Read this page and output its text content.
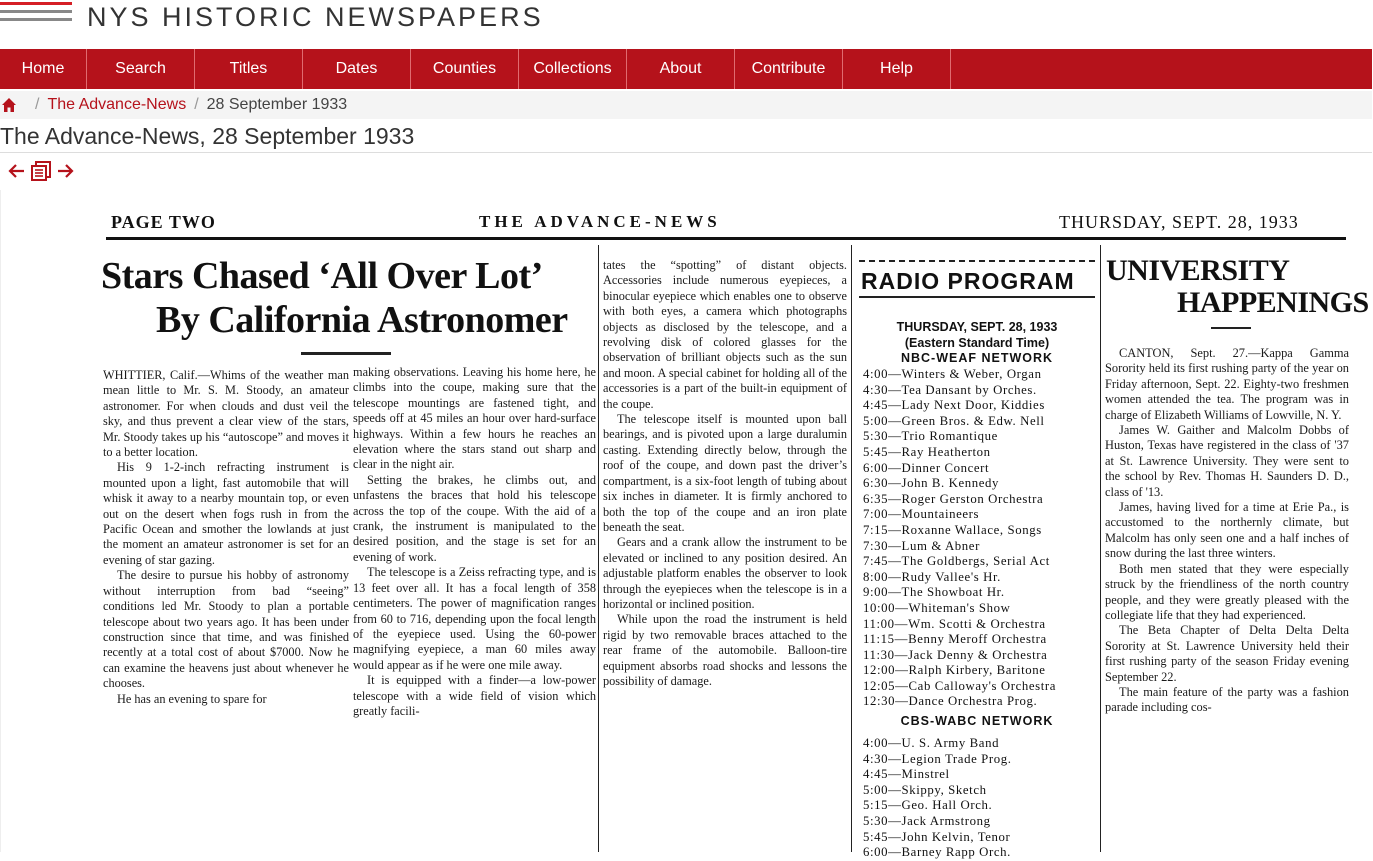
NYS HISTORIC NEWSPAPERS
Home	Search	Titles	Dates	Counties	Collections	About	Contribute	Help
/ The Advance-News / 28 September 1933
The Advance-News, 28 September 1933
PAGE TWO	THE ADVANCE-NEWS	THURSDAY, SEPT. 28, 1933
Stars Chased ‘All Over Lot’
By California Astronomer

WHITTIER, Calif.—Whims of the weather man mean little to Mr. S. M. Stoody, an amateur astronomer. For when clouds and dust veil the sky, and thus prevent a clear view of the stars, Mr. Stoody takes up his “autoscope” and moves it to a better location.

His 9 1-2-inch refracting instrument is mounted upon a light, fast automobile that will whisk it away to a nearby mountain top, or even out on the desert when fogs rush in from the Pacific Ocean and smother the lowlands at just the moment an amateur astronomer is set for an evening of star gazing.

The desire to pursue his hobby of astronomy without interruption from bad “seeing” conditions led Mr. Stoody to plan a portable telescope about two years ago. It has been under construction since that time, and was finished recently at a total cost of about $7000. Now he can examine the heavens just about whenever he chooses.

He has an evening to spare for

making observations. Leaving his home here, he climbs into the coupe, making sure that the telescope mountings are fastened tight, and speeds off at 45 miles an hour over hard-surface highways. Within a few hours he reaches an elevation where the stars stand out sharp and clear in the night air.

Setting the brakes, he climbs out, and unfastens the braces that hold his telescope across the top of the coupe. With the aid of a crank, the instrument is manipulated to the desired position, and the stage is set for an evening of work.

The telescope is a Zeiss refracting type, and is 13 feet over all. It has a focal length of 358 centimeters. The power of magnification ranges from 60 to 716, depending upon the focal length of the eyepiece used. Using the 60-power magnifying eyepiece, a man 60 miles away would appear as if he were one mile away.

It is equipped with a finder—a low-power telescope with a wide field of vision which greatly facili-

tates the “spotting” of distant objects. Accessories include numerous eyepieces, a binocular eyepiece which enables one to observe with both eyes, a camera which photographs objects as disclosed by the telescope, and a revolving disk of colored glasses for the observation of brilliant objects such as the sun and moon. A special cabinet for holding all of the accessories is a part of the built-in equipment of the coupe.

The telescope itself is mounted upon ball bearings, and is pivoted upon a large duralumin casting. Extending directly below, through the roof of the coupe, and down past the driver’s compartment, is a six-foot length of tubing about six inches in diameter. It is firmly anchored to both the top of the coupe and an iron plate beneath the seat.

Gears and a crank allow the instrument to be elevated or inclined to any position desired. An adjustable platform enables the observer to look through the eyepieces when the telescope is in a horizontal or inclined position.

While upon the road the instrument is held rigid by two removable braces attached to the rear frame of the automobile. Balloon-tire equipment absorbs road shocks and lessons the possibility of damage.

RADIO PROGRAM
THURSDAY, SEPT. 28, 1933
(Eastern Standard Time)
NBC-WEAF NETWORK
4:00—Winters & Weber, Organ
4:30—Tea Dansant by Orches.
4:45—Lady Next Door, Kiddies
5:00—Green Bros. & Edw. Nell
5:30—Trio Romantique
5:45—Ray Heatherton
6:00—Dinner Concert
6:30—John B. Kennedy
6:35—Roger Gerston Orchestra
7:00—Mountaineers
7:15—Roxanne Wallace, Songs
7:30—Lum & Abner
7:45—The Goldbergs, Serial Act
8:00—Rudy Vallee's Hr.
9:00—The Showboat Hr.
10:00—Whiteman's Show
11:00—Wm. Scotti & Orchestra
11:15—Benny Meroff Orchestra
11:30—Jack Denny & Orchestra
12:00—Ralph Kirbery, Baritone
12:05—Cab Calloway's Orchestra
12:30—Dance Orchestra Prog.
CBS-WABC NETWORK
4:00—U. S. Army Band
4:30—Legion Trade Prog.
4:45—Minstrel
5:00—Skippy, Sketch
5:15—Geo. Hall Orch.
5:30—Jack Armstrong
5:45—John Kelvin, Tenor
6:00—Barney Rapp Orch.
UNIVERSITY
HAPPENINGS

CANTON, Sept. 27.—Kappa Gamma Sorority held its first rushing party of the year on Friday afternoon, Sept. 22. Eighty-two freshmen women attended the tea. The program was in charge of Elizabeth Williams of Lowville, N. Y.

James W. Gaither and Malcolm Dobbs of Huston, Texas have registered in the class of '37 at St. Lawrence University. They were sent to the school by Rev. Thomas H. Saunders D. D., class of '13.

James, having lived for a time at Erie Pa., is accustomed to the northernly climate, but Malcolm has only seen one and a half inches of snow during the last three winters.

Both men stated that they were especially struck by the friendliness of the north country people, and they were greatly pleased with the collegiate life that they had experienced.

The Beta Chapter of Delta Delta Delta Sorority at St. Lawrence University held their first rushing party of the season Friday evening September 22.

The main feature of the party was a fashion parade including cos-
